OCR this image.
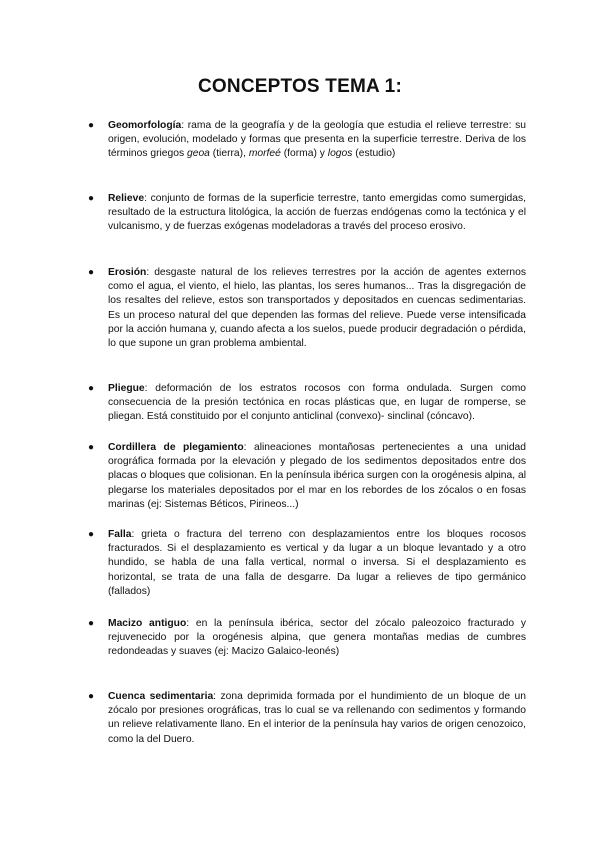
CONCEPTOS TEMA 1:
● Geomorfología: rama de la geografía y de la geología que estudia el relieve terrestre: su origen, evolución, modelado y formas que presenta en la superficie terrestre. Deriva de los términos griegos geoa (tierra), morfeé (forma) y logos (estudio)
● Relieve: conjunto de formas de la superficie terrestre, tanto emergidas como sumergidas, resultado de la estructura litológica, la acción de fuerzas endógenas como la tectónica y el vulcanismo, y de fuerzas exógenas modeladoras a través del proceso erosivo.
● Erosión: desgaste natural de los relieves terrestres por la acción de agentes externos como el agua, el viento, el hielo, las plantas, los seres humanos... Tras la disgregación de los resaltes del relieve, estos son transportados y depositados en cuencas sedimentarias. Es un proceso natural del que dependen las formas del relieve. Puede verse intensificada por la acción humana y, cuando afecta a los suelos, puede producir degradación o pérdida, lo que supone un gran problema ambiental.
● Pliegue: deformación de los estratos rocosos con forma ondulada. Surgen como consecuencia de la presión tectónica en rocas plásticas que, en lugar de romperse, se pliegan. Está constituido por el conjunto anticlinal (convexo)- sinclinal (cóncavo).
● Cordillera de plegamiento: alineaciones montañosas pertenecientes a una unidad orográfica formada por la elevación y plegado de los sedimentos depositados entre dos placas o bloques que colisionan. En la península ibérica surgen con la orogénesis alpina, al plegarse los materiales depositados por el mar en los rebordes de los zócalos o en fosas marinas (ej: Sistemas Béticos, Pirineos...)
● Falla: grieta o fractura del terreno con desplazamientos entre los bloques rocosos fracturados. Si el desplazamiento es vertical y da lugar a un bloque levantado y a otro hundido, se habla de una falla vertical, normal o inversa. Si el desplazamiento es horizontal, se trata de una falla de desgarre. Da lugar a relieves de tipo germánico (fallados)
● Macizo antiguo: en la península ibérica, sector del zócalo paleozoico fracturado y rejuvenecido por la orogénesis alpina, que genera montañas medias de cumbres redondeadas y suaves (ej: Macizo Galaico-leonés)
● Cuenca sedimentaria: zona deprimida formada por el hundimiento de un bloque de un zócalo por presiones orográficas, tras lo cual se va rellenando con sedimentos y formando un relieve relativamente llano. En el interior de la península hay varios de origen cenozoico, como la del Duero.
